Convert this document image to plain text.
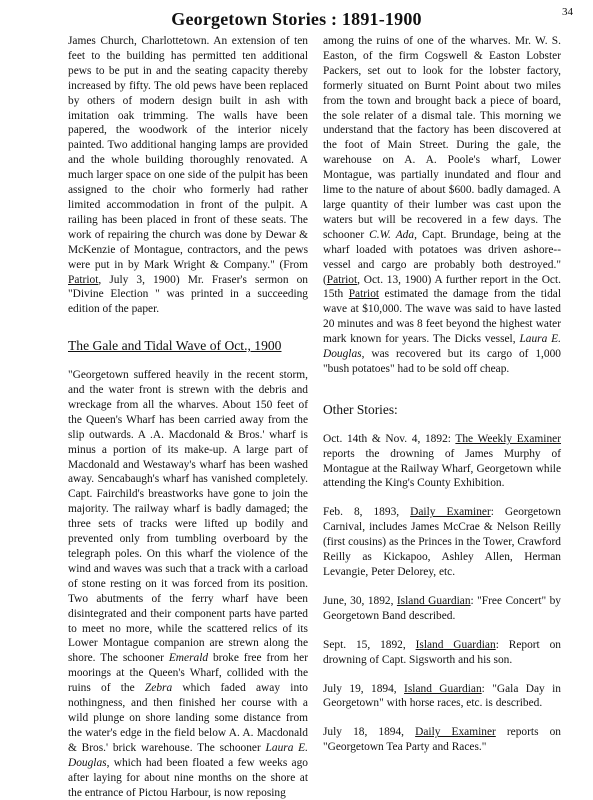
Georgetown Stories : 1891-1900	34

James Church, Charlottetown. An extension of ten feet to the building has permitted ten additional pews to be put in and the seating capacity thereby increased by fifty. The old pews have been replaced by others of modern design built in ash with imitation oak trimming. The walls have been papered, the woodwork of the interior nicely painted. Two additional hanging lamps are provided and the whole building thoroughly renovated. A much larger space on one side of the pulpit has been assigned to the choir who formerly had rather limited accommodation in front of the pulpit. A railing has been placed in front of these seats. The work of repairing the church was done by Dewar & McKenzie of Montague, contractors, and the pews were put in by Mark Wright & Company." (From Patriot, July 3, 1900) Mr. Fraser's sermon on "Divine Election " was printed in a succeeding edition of the paper.

The Gale and Tidal Wave of Oct., 1900

"Georgetown suffered heavily in the recent storm, and the water front is strewn with the debris and wreckage from all the wharves. About 150 feet of the Queen's Wharf has been carried away from the slip outwards. A .A. Macdonald & Bros.' wharf is minus a portion of its make-up. A large part of Macdonald and Westaway's wharf has been washed away. Sencabaugh's wharf has vanished completely. Capt. Fairchild's breastworks have gone to join the majority. The railway wharf is badly damaged; the three sets of tracks were lifted up bodily and prevented only from tumbling overboard by the telegraph poles. On this wharf the violence of the wind and waves was such that a track with a carload of stone resting on it was forced from its position. Two abutments of the ferry wharf have been disintegrated and their component parts have parted to meet no more, while the scattered relics of its Lower Montague companion are strewn along the shore. The schooner Emerald broke free from her moorings at the Queen's Wharf, collided with the ruins of the Zebra which faded away into nothingness, and then finished her course with a wild plunge on shore landing some distance from the water's edge in the field below A. A. Macdonald & Bros.' brick warehouse. The schooner Laura E. Douglas, which had been floated a few weeks ago after laying for about nine months on the shore at the entrance of Pictou Harbour, is now reposing

among the ruins of one of the wharves. Mr. W. S. Easton, of the firm Cogswell & Easton Lobster Packers, set out to look for the lobster factory, formerly situated on Burnt Point about two miles from the town and brought back a piece of board, the sole relater of a dismal tale. This morning we understand that the factory has been discovered at the foot of Main Street. During the gale, the warehouse on A. A. Poole's wharf, Lower Montague, was partially inundated and flour and lime to the nature of about $600. badly damaged. A large quantity of their lumber was cast upon the waters but will be recovered in a few days. The schooner C.W. Ada, Capt. Brundage, being at the wharf loaded with potatoes was driven ashore--vessel and cargo are probably both destroyed." (Patriot, Oct. 13, 1900) A further report in the Oct. 15th Patriot estimated the damage from the tidal wave at $10,000. The wave was said to have lasted 20 minutes and was 8 feet beyond the highest water mark known for years. The Dicks vessel, Laura E. Douglas, was recovered but its cargo of 1,000 "bush potatoes" had to be sold off cheap.

Other Stories:

Oct. 14th & Nov. 4, 1892: The Weekly Examiner reports the drowning of James Murphy of Montague at the Railway Wharf, Georgetown while attending the King's County Exhibition.

Feb. 8, 1893, Daily Examiner: Georgetown Carnival, includes James McCrae & Nelson Reilly (first cousins) as the Princes in the Tower, Crawford Reilly as Kickapoo, Ashley Allen, Herman Levangie, Peter Delorey, etc.

June, 30, 1892, Island Guardian: "Free Concert" by Georgetown Band described.

Sept. 15, 1892, Island Guardian: Report on drowning of Capt. Sigsworth and his son.

July 19, 1894, Island Guardian: "Gala Day in Georgetown" with horse races, etc. is described.

July 18, 1894, Daily Examiner reports on "Georgetown Tea Party and Races."
